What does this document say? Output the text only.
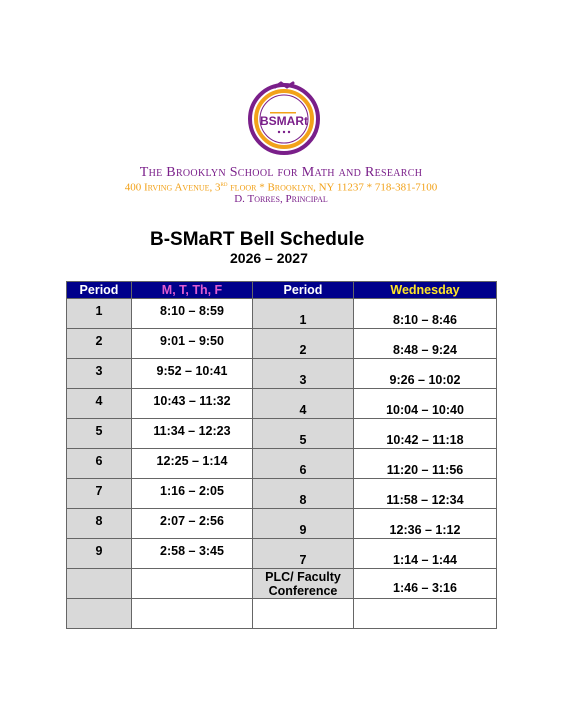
BSMARt
The Brooklyn School for Math and Research
400 Irving Avenue, 3rd floor * Brooklyn, NY 11237 * 718-381-7100
D. Torres, Principal
B-SMaRT Bell Schedule
2026 – 2027
Period	M, T, Th, F	Period	Wednesday
1	8:10 – 8:59	1	8:10 – 8:46
2	9:01 – 9:50	2	8:48 – 9:24
3	9:52 – 10:41	3	9:26 – 10:02
4	10:43 – 11:32	4	10:04 – 10:40
5	11:34 – 12:23	5	10:42 – 11:18
6	12:25 – 1:14	6	11:20 – 11:56
7	1:16 – 2:05	8	11:58 – 12:34
8	2:07 – 2:56	9	12:36 – 1:12
9	2:58 – 3:45	7	1:14 – 1:44
		PLC/ Faculty Conference	1:46 – 3:16
